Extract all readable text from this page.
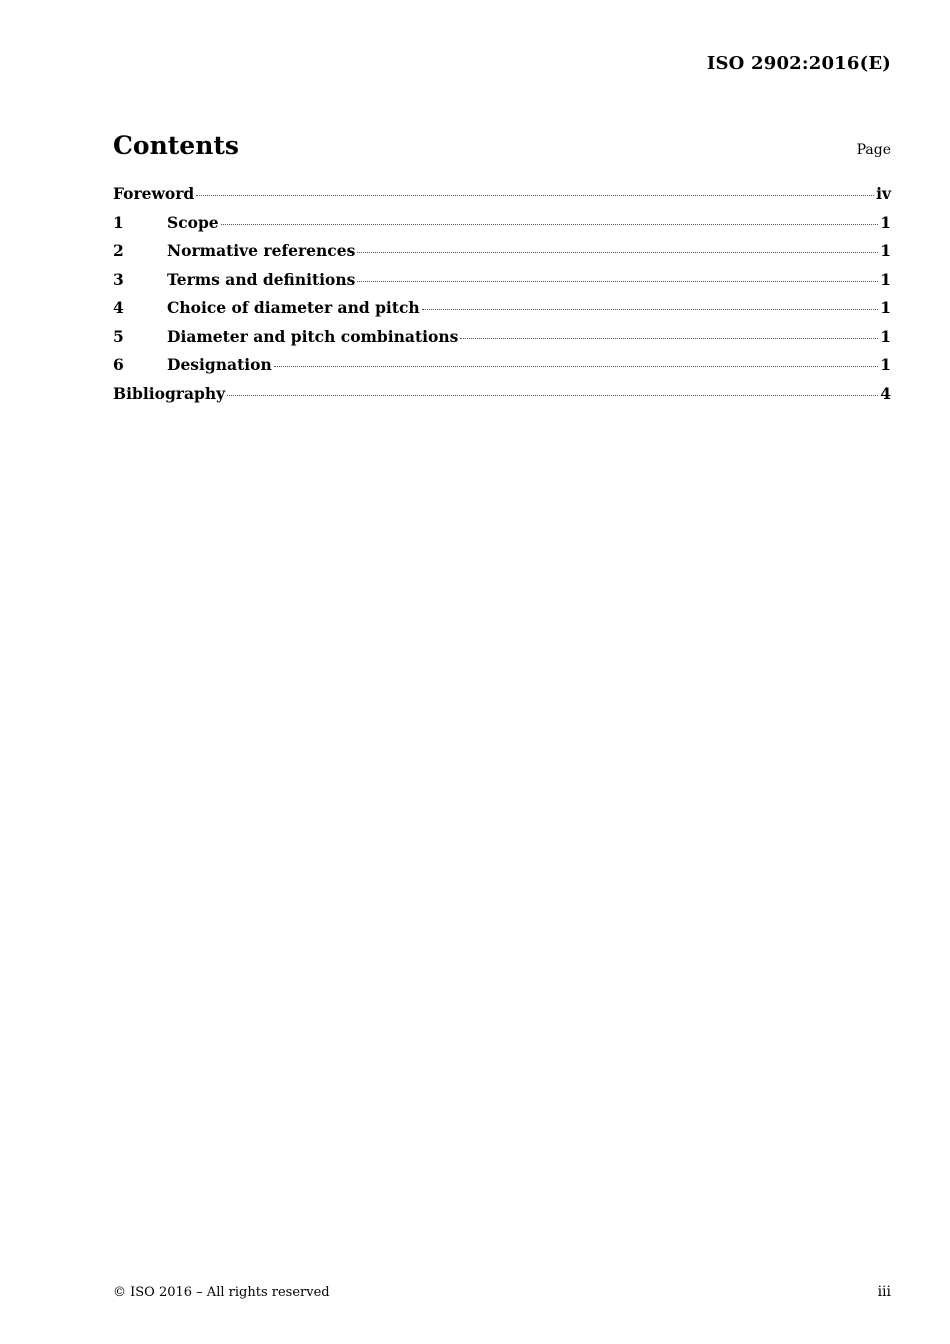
ISO 2902:2016(E)
Contents	Page
Foreword	iv
1	Scope	1
2	Normative references	1
3	Terms and definitions	1
4	Choice of diameter and pitch	1
5	Diameter and pitch combinations	1
6	Designation	1
Bibliography	4
© ISO 2016 – All rights reserved	iii
